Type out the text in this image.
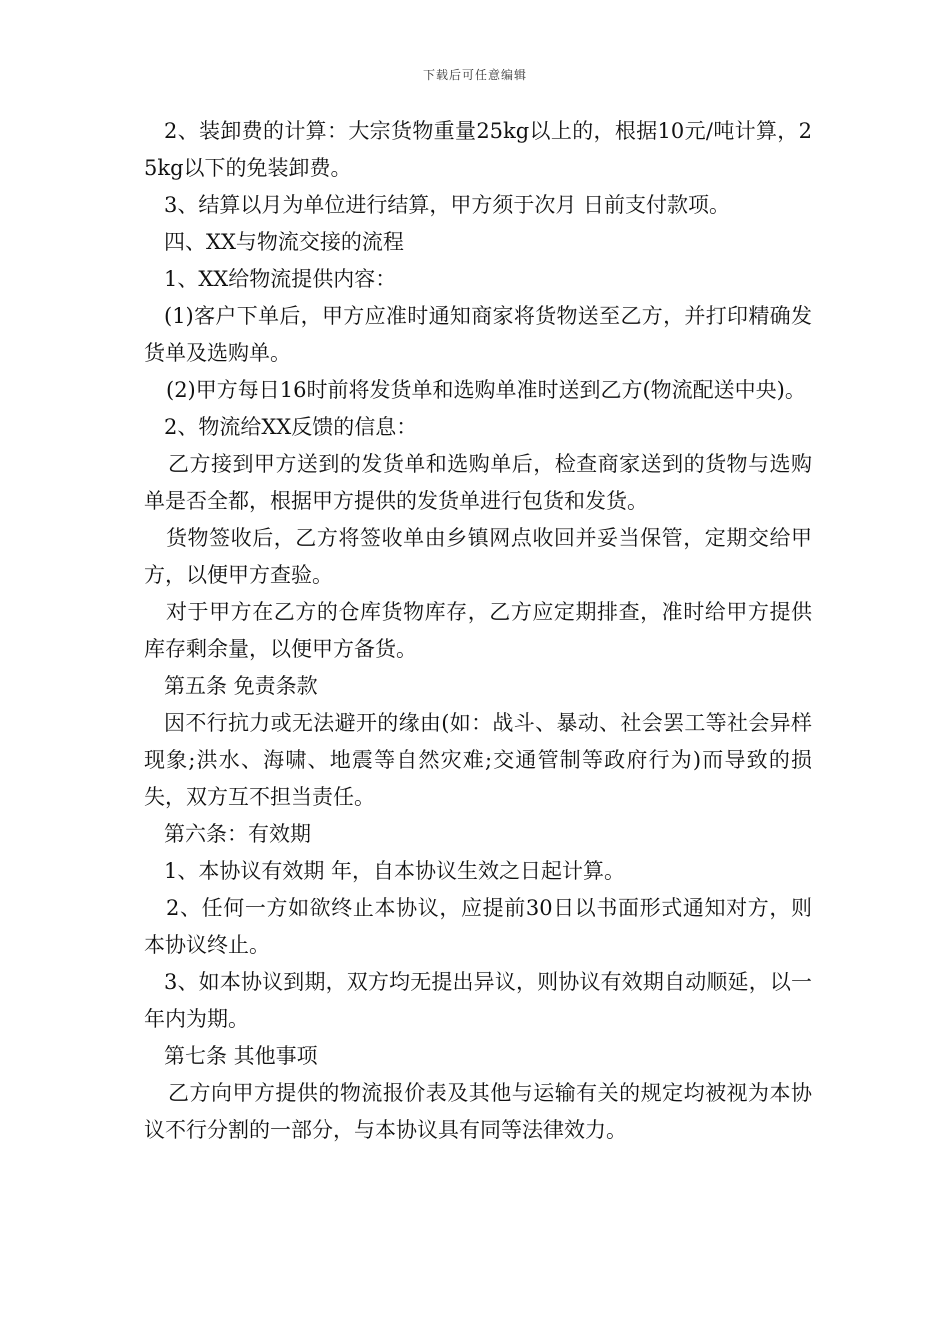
下载后可任意编辑

2、装卸费的计算：大宗货物重量25kg以上的，根据10元/吨计算，25kg以下的免装卸费。

3、结算以月为单位进行结算，甲方须于次月 日前支付款项。

四、XX与物流交接的流程

1、XX给物流提供内容：

(1)客户下单后，甲方应准时通知商家将货物送至乙方，并打印精确发货单及选购单。

(2)甲方每日16时前将发货单和选购单准时送到乙方(物流配送中央)。

2、物流给XX反馈的信息：

乙方接到甲方送到的发货单和选购单后，检查商家送到的货物与选购单是否全都，根据甲方提供的发货单进行包货和发货。

货物签收后，乙方将签收单由乡镇网点收回并妥当保管，定期交给甲方，以便甲方查验。

对于甲方在乙方的仓库货物库存，乙方应定期排查，准时给甲方提供库存剩余量，以便甲方备货。

第五条 免责条款

因不行抗力或无法避开的缘由(如：战斗、暴动、社会罢工等社会异样现象;洪水、海啸、地震等自然灾难;交通管制等政府行为)而导致的损失，双方互不担当责任。

第六条：有效期

1、本协议有效期 年，自本协议生效之日起计算。

2、任何一方如欲终止本协议，应提前30日以书面形式通知对方，则本协议终止。

3、如本协议到期，双方均无提出异议，则协议有效期自动顺延，以一年内为期。

第七条 其他事项

乙方向甲方提供的物流报价表及其他与运输有关的规定均被视为本协议不行分割的一部分，与本协议具有同等法律效力。
